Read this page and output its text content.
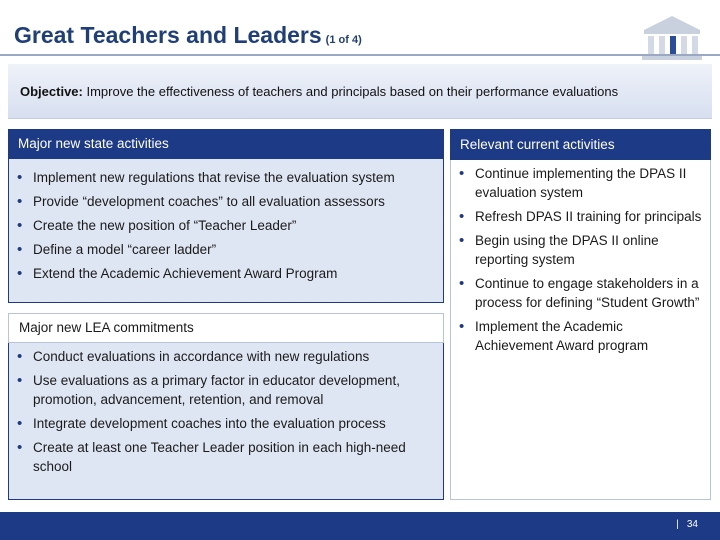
Great Teachers and Leaders (1 of 4)
Objective: Improve the effectiveness of teachers and principals based on their performance evaluations
Major new state activities
• Implement new regulations that revise the evaluation system
• Provide “development coaches” to all evaluation assessors
• Create the new position of “Teacher Leader”
• Define a model “career ladder”
• Extend the Academic Achievement Award Program
Major new LEA commitments
• Conduct evaluations in accordance with new regulations
• Use evaluations as a primary factor in educator development, promotion, advancement, retention, and removal
• Integrate development coaches into the evaluation process
• Create at least one Teacher Leader position in each high-need school
Relevant current activities
• Continue implementing the DPAS II evaluation system
• Refresh DPAS II training for principals
• Begin using the DPAS II online reporting system
• Continue to engage stakeholders in a process for defining “Student Growth”
• Implement the Academic Achievement Award program
| 34
